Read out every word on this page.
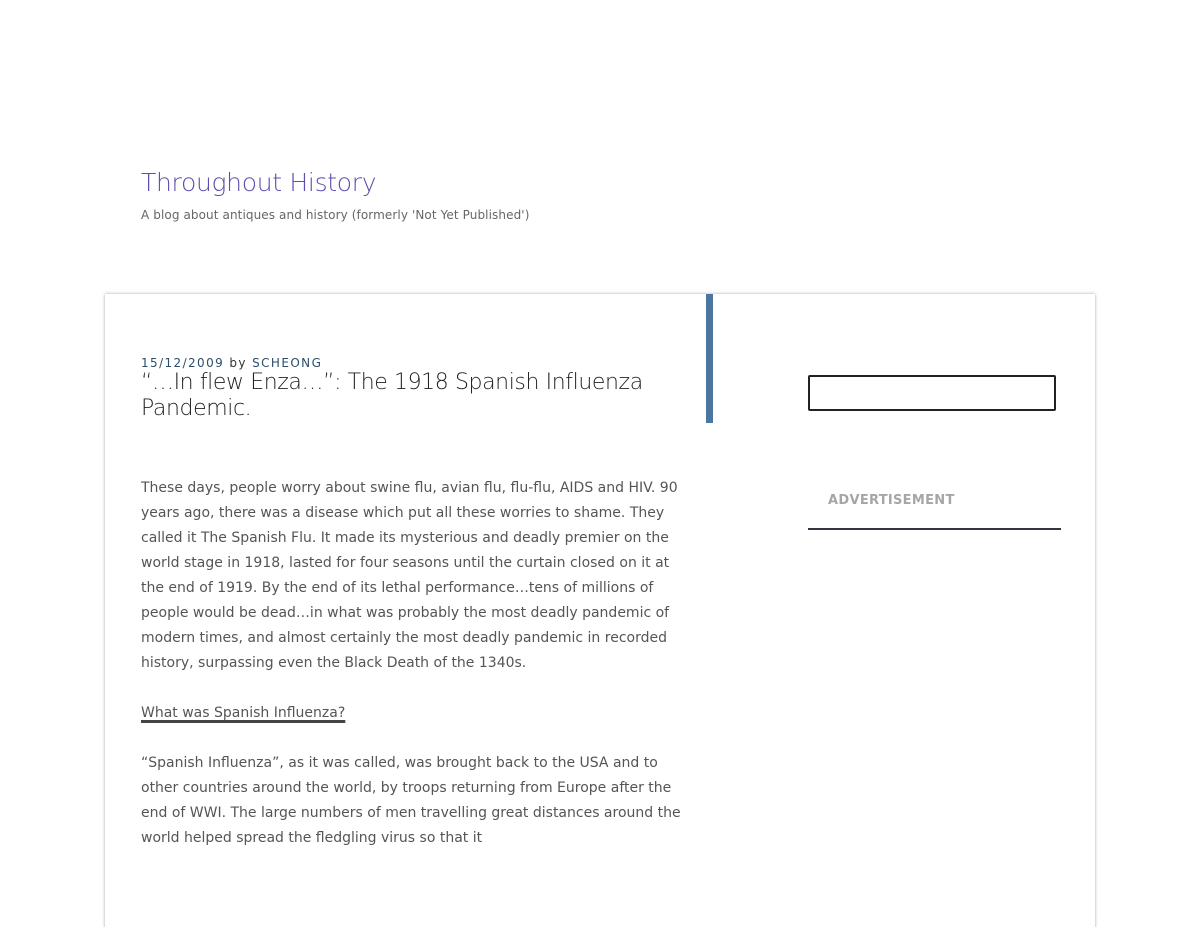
Throughout History

A blog about antiques and history (formerly 'Not Yet Published')

15/12/2009 by SCHEONG
“…In flew Enza…”: The 1918 Spanish Influenza Pandemic.

These days, people worry about swine flu, avian flu, flu-flu, AIDS and HIV. 90 years ago, there was a disease which put all these worries to shame. They called it The Spanish Flu. It made its mysterious and deadly premier on the world stage in 1918, lasted for four seasons until the curtain closed on it at the end of 1919. By the end of its lethal performance…tens of millions of people would be dead…in what was probably the most deadly pandemic of modern times, and almost certainly the most deadly pandemic in recorded history, surpassing even the Black Death of the 1340s.

What was Spanish Influenza?

“Spanish Influenza”, as it was called, was brought back to the USA and to other countries around the world, by troops returning from Europe after the end of WWI. The large numbers of men travelling great distances around the world helped spread the fledgling virus so that it

ADVERTISEMENT
